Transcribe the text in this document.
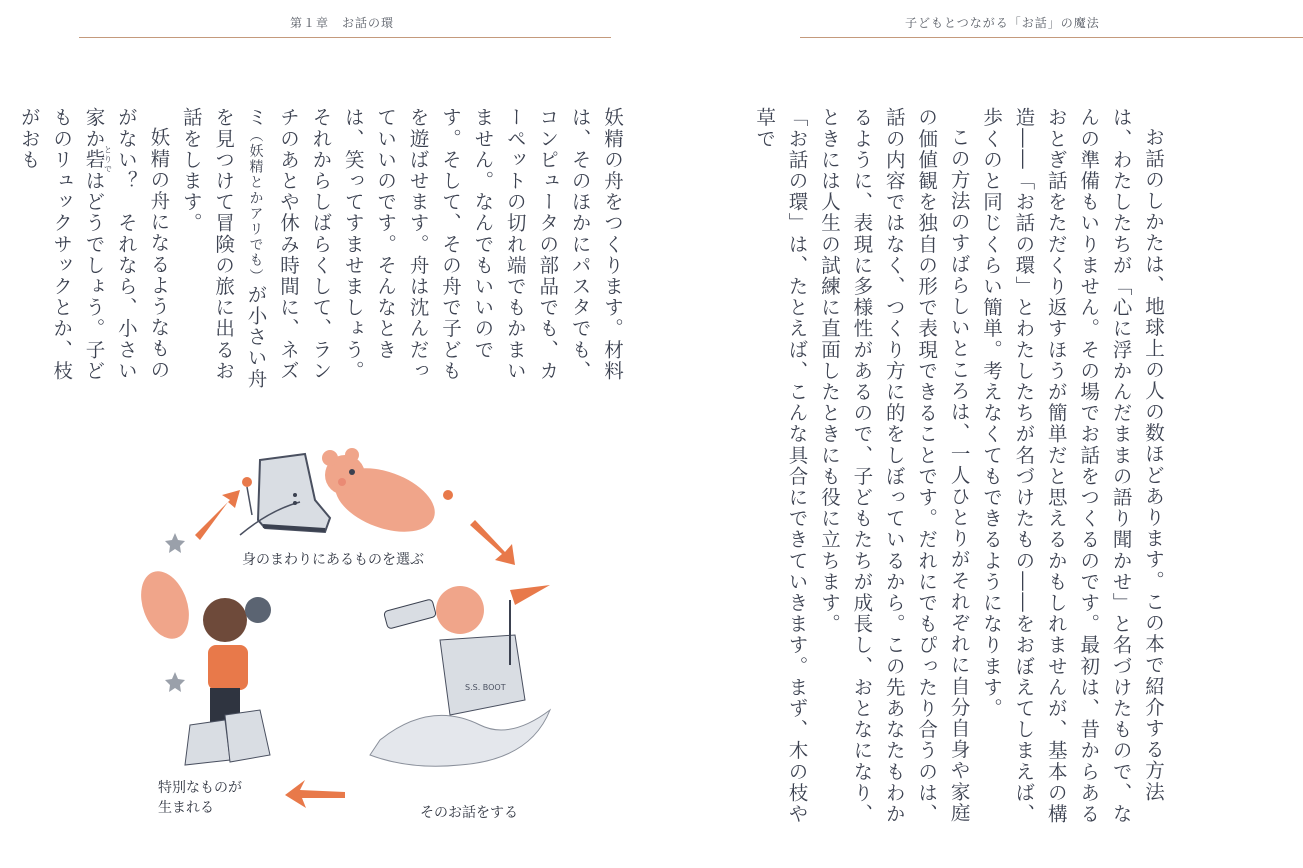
第１章　お話の環

妖精の舟をつくります。材料は、そのほかにパスタでも、コンピュータの部品でも、カーペットの切れ端でもかまいません。なんでもいいのです。そして、その舟で子どもを遊ばせます。舟は沈んだっていいのです。そんなときは、笑ってすませましょう。それからしばらくして、ランチのあとや休み時間に、ネズミ（妖精とかアリでも）が小さい舟を見つけて冒険の旅に出るお話をします。

妖精の舟になるようなものがない？　それなら、小さい家か砦とりではどうでしょう。子どものリュックサックとか、枝がおも

S.S. BOOT
身のまわりにあるものを選ぶ
そのお話をする
特別なものが
生まれる
子どもとつながる「お話」の魔法

お話のしかたは、地球上の人の数ほどあります。この本で紹介する方法は、わたしたちが「心に浮かんだままの語り聞かせ」と名づけたもので、なんの準備もいりません。その場でお話をつくるのです。最初は、昔からあるおとぎ話をただくり返すほうが簡単だと思えるかもしれませんが、基本の構造――「お話の環」とわたしたちが名づけたもの――をおぼえてしまえば、歩くのと同じくらい簡単。考えなくてもできるようになります。

この方法のすばらしいところは、一人ひとりがそれぞれに自分自身や家庭の価値観を独自の形で表現できることです。だれにでもぴったり合うのは、話の内容ではなく、つくり方に的をしぼっているから。この先あなたもわかるように、表現に多様性があるので、子どもたちが成長し、おとなになり、ときには人生の試練に直面したときにも役に立ちます。

「お話の環」は、たとえば、こんな具合にできていきます。まず、木の枝や草で
